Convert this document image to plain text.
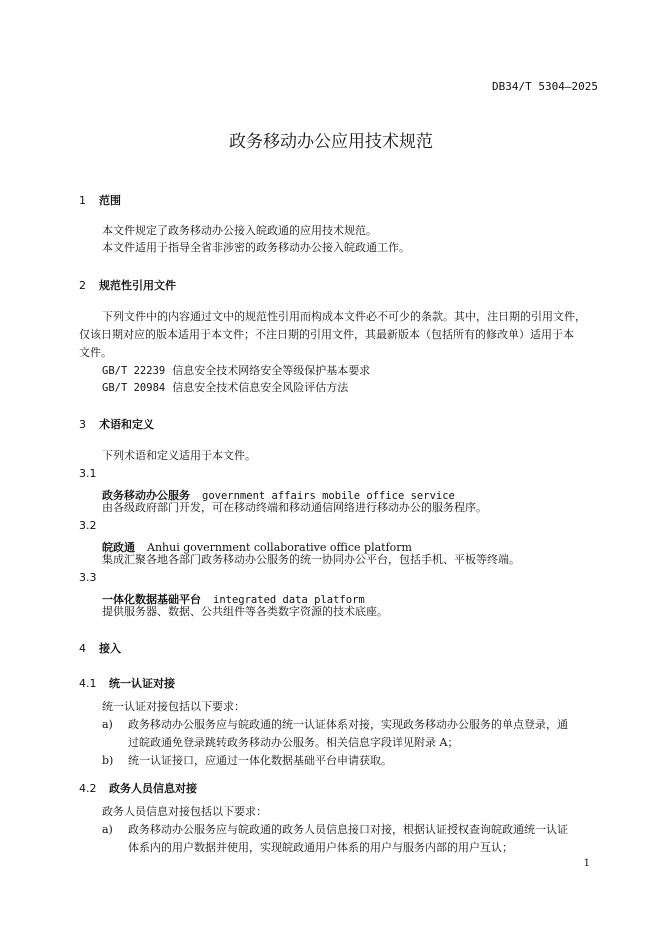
DB34/T 5304—2025
政务移动办公应用技术规范
1 范围
本文件规定了政务移动办公接入皖政通的应用技术规范。
本文件适用于指导全省非涉密的政务移动办公接入皖政通工作。
2 规范性引用文件
下列文件中的内容通过文中的规范性引用而构成本文件必不可少的条款。其中，注日期的引用文件，
仅该日期对应的版本适用于本文件；不注日期的引用文件，其最新版本（包括所有的修改单）适用于本
文件。
GB/T 22239 信息安全技术网络安全等级保护基本要求
GB/T 20984 信息安全技术信息安全风险评估方法
3 术语和定义
下列术语和定义适用于本文件。
3.1
政务移动办公服务 government affairs mobile office service
由各级政府部门开发，可在移动终端和移动通信网络进行移动办公的服务程序。
3.2
皖政通 Anhui government collaborative office platform
集成汇聚各地各部门政务移动办公服务的统一协同办公平台，包括手机、平板等终端。
3.3
一体化数据基础平台 integrated data platform
提供服务器、数据、公共组件等各类数字资源的技术底座。
4 接入
4.1 统一认证对接
统一认证对接包括以下要求：
a) 政务移动办公服务应与皖政通的统一认证体系对接，实现政务移动办公服务的单点登录，通
过皖政通免登录跳转政务移动办公服务。相关信息字段详见附录 A；
b) 统一认证接口，应通过一体化数据基础平台申请获取。
4.2 政务人员信息对接
政务人员信息对接包括以下要求：
a) 政务移动办公服务应与皖政通的政务人员信息接口对接，根据认证授权查询皖政通统一认证
体系内的用户数据并使用，实现皖政通用户体系的用户与服务内部的用户互认；
1
